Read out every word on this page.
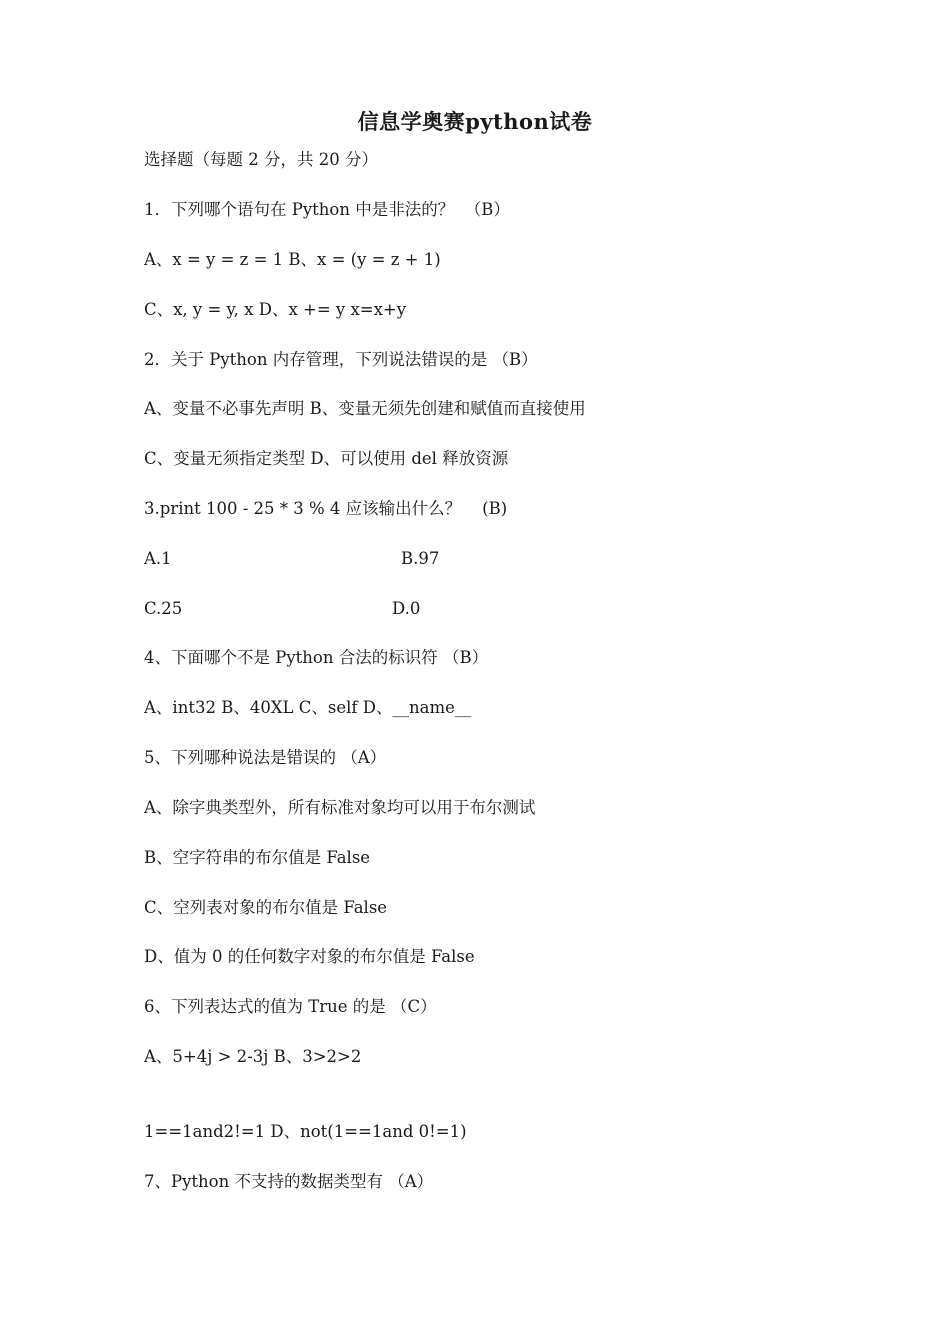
信息学奥赛python试卷
选择题（每题 2 分，共 20 分）
1．下列哪个语句在 Python 中是非法的？  （B）
A、x = y = z = 1 B、x = (y = z + 1)
C、x, y = y, x D、x += y x=x+y
2．关于 Python 内存管理，下列说法错误的是 （B）
A、变量不必事先声明 B、变量无须先创建和赋值而直接使用
C、变量无须指定类型 D、可以使用 del 释放资源
3.print 100 - 25 * 3 % 4 应该输出什么？    (B)
A.1	B.97
C.25	D.0
4、下面哪个不是 Python 合法的标识符 （B）
A、int32 B、40XL C、self D、__name__
5、下列哪种说法是错误的 （A）
A、除字典类型外，所有标准对象均可以用于布尔测试
B、空字符串的布尔值是 False
C、空列表对象的布尔值是 False
D、值为 0 的任何数字对象的布尔值是 False
6、下列表达式的值为 True 的是 （C）
A、5+4j > 2-3j B、3>2>2
1==1and2!=1 D、not(1==1and 0!=1)
7、Python 不支持的数据类型有 （A）
